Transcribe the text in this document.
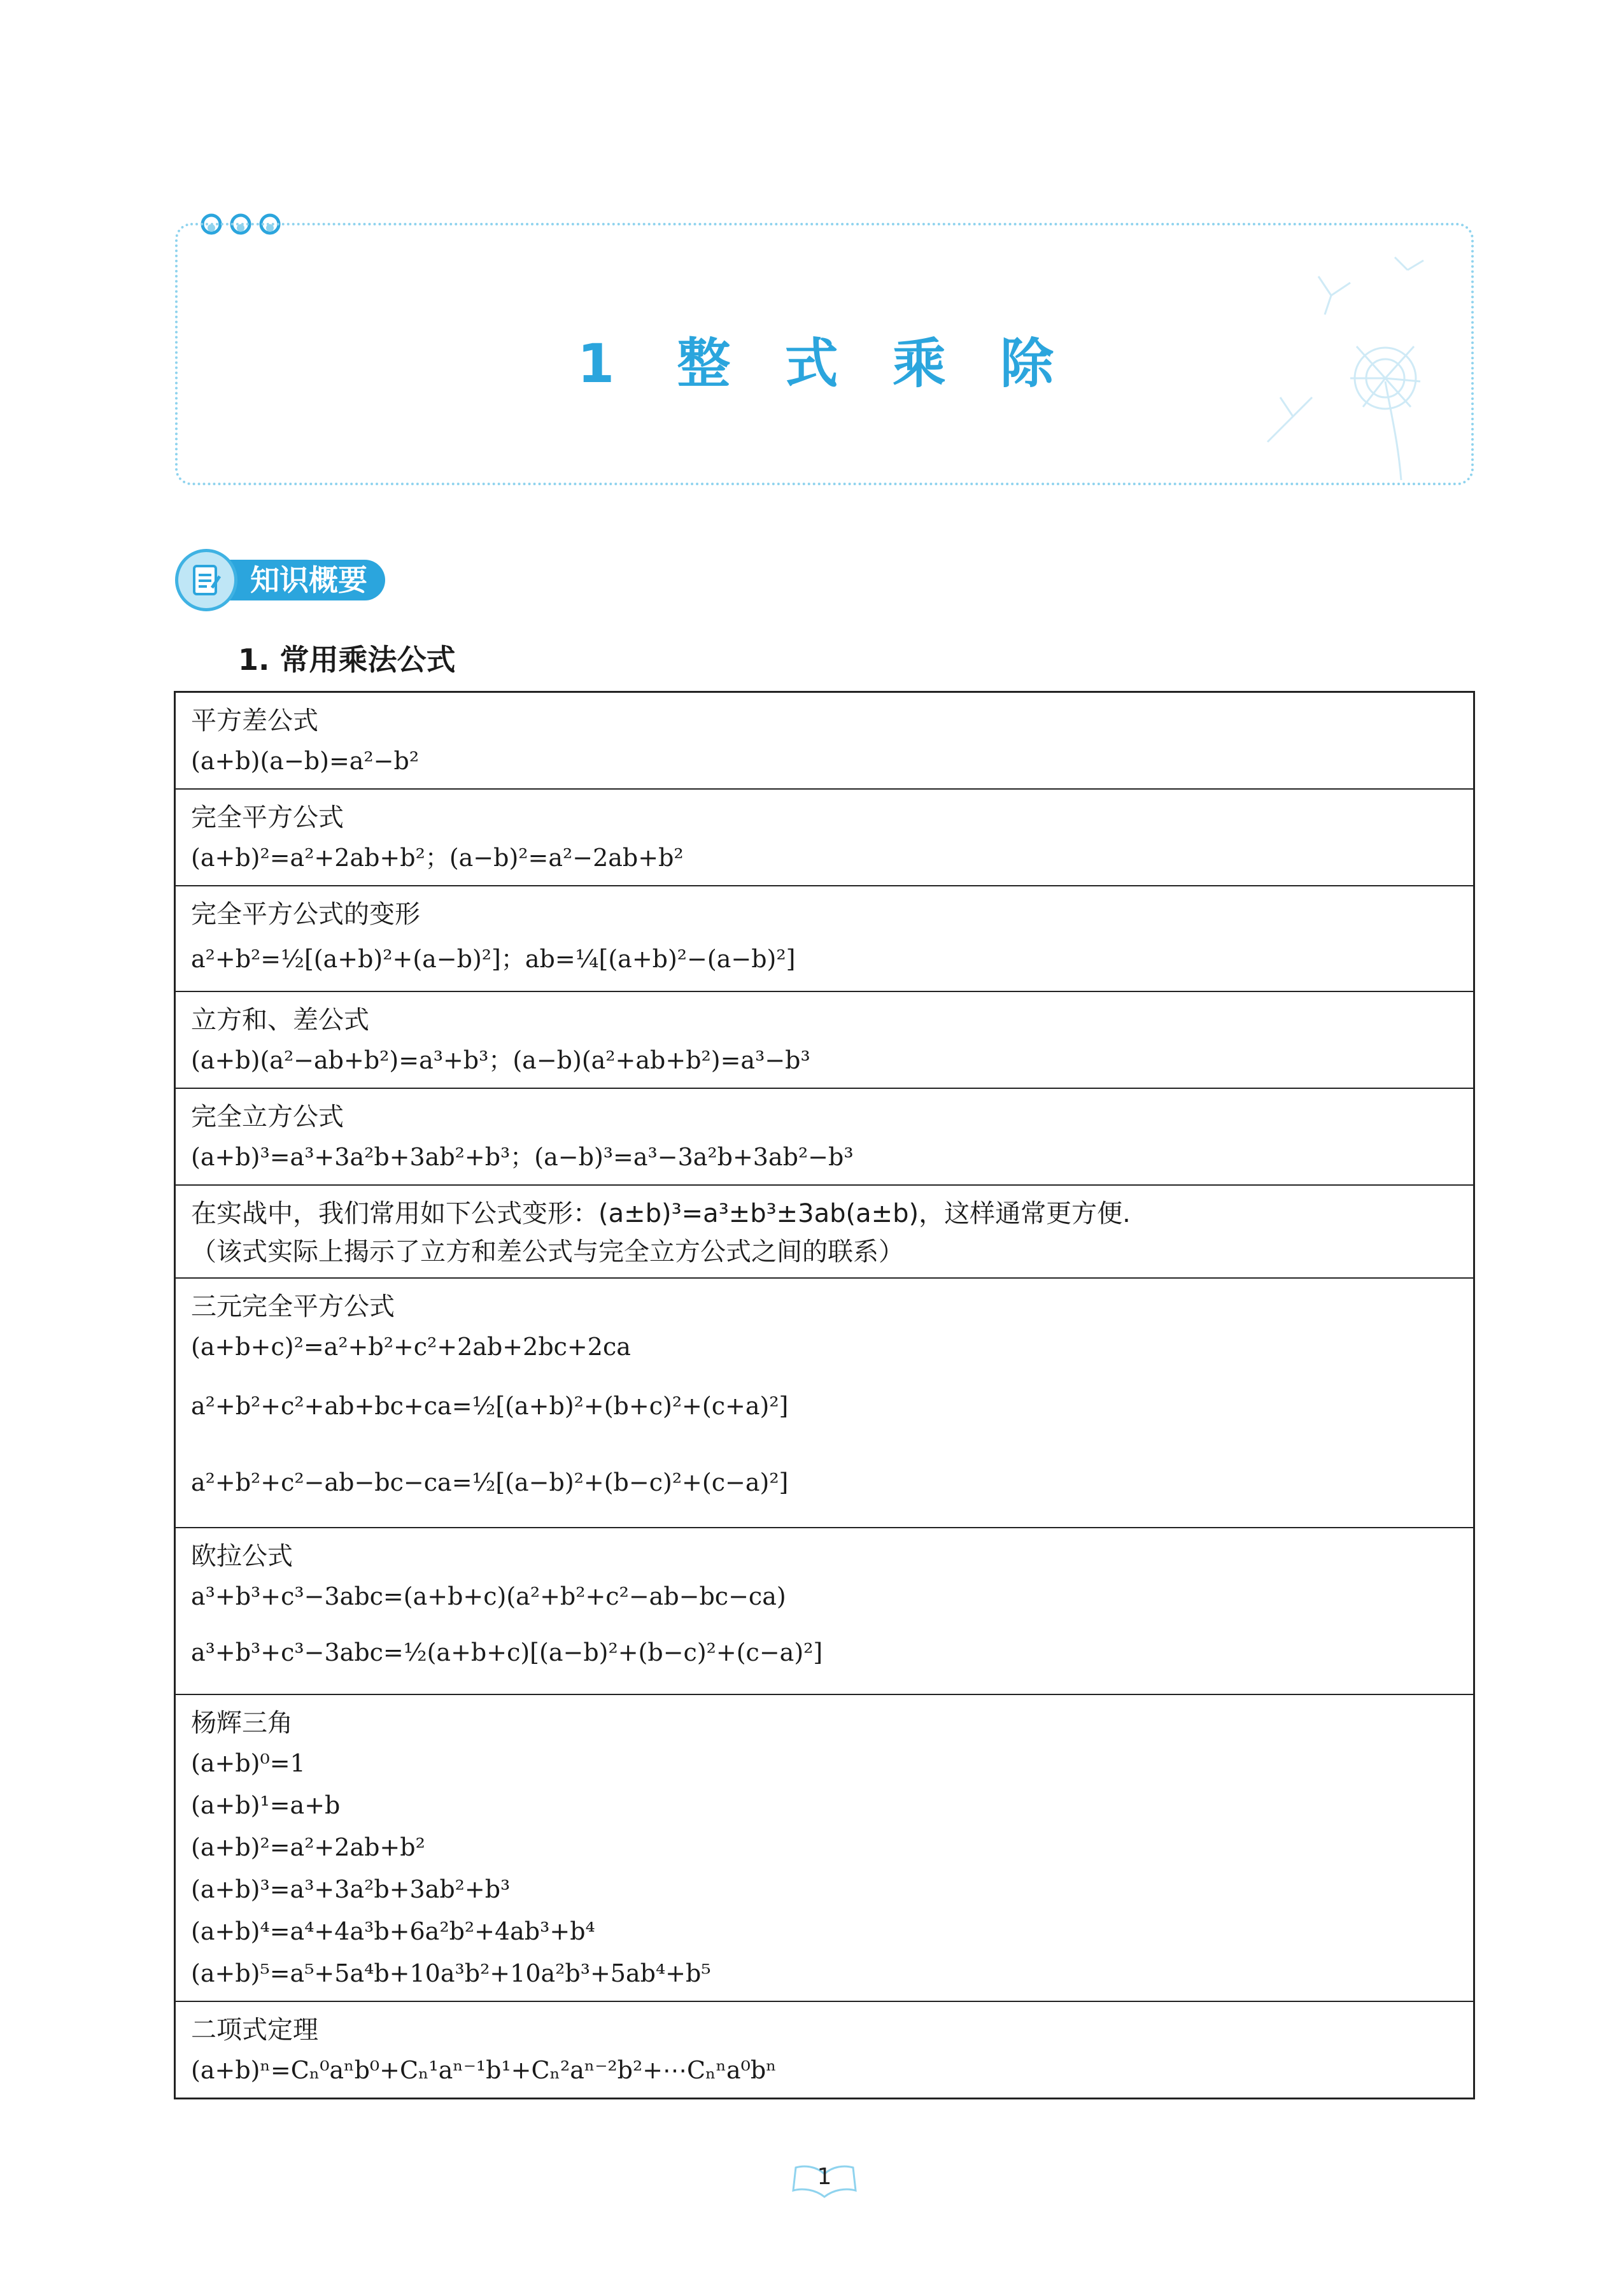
1 整 式 乘 除
知识概要
1. 常用乘法公式
平方差公式
(a+b)(a−b)=a²−b²
完全平方公式
(a+b)²=a²+2ab+b²；(a−b)²=a²−2ab+b²
完全平方公式的变形
a²+b²=½[(a+b)²+(a−b)²]；ab=¼[(a+b)²−(a−b)²]
立方和、差公式
(a+b)(a²−ab+b²)=a³+b³；(a−b)(a²+ab+b²)=a³−b³
完全立方公式
(a+b)³=a³+3a²b+3ab²+b³；(a−b)³=a³−3a²b+3ab²−b³
在实战中，我们常用如下公式变形：(a±b)³=a³±b³±3ab(a±b)，这样通常更方便.
（该式实际上揭示了立方和差公式与完全立方公式之间的联系）
三元完全平方公式
(a+b+c)²=a²+b²+c²+2ab+2bc+2ca
a²+b²+c²+ab+bc+ca=½[(a+b)²+(b+c)²+(c+a)²]
a²+b²+c²−ab−bc−ca=½[(a−b)²+(b−c)²+(c−a)²]
欧拉公式
a³+b³+c³−3abc=(a+b+c)(a²+b²+c²−ab−bc−ca)
a³+b³+c³−3abc=½(a+b+c)[(a−b)²+(b−c)²+(c−a)²]
杨辉三角
(a+b)⁰=1
(a+b)¹=a+b
(a+b)²=a²+2ab+b²
(a+b)³=a³+3a²b+3ab²+b³
(a+b)⁴=a⁴+4a³b+6a²b²+4ab³+b⁴
(a+b)⁵=a⁵+5a⁴b+10a³b²+10a²b³+5ab⁴+b⁵
二项式定理
(a+b)ⁿ=Cₙ⁰aⁿb⁰+Cₙ¹aⁿ⁻¹b¹+Cₙ²aⁿ⁻²b²+⋯Cₙⁿa⁰bⁿ
1
